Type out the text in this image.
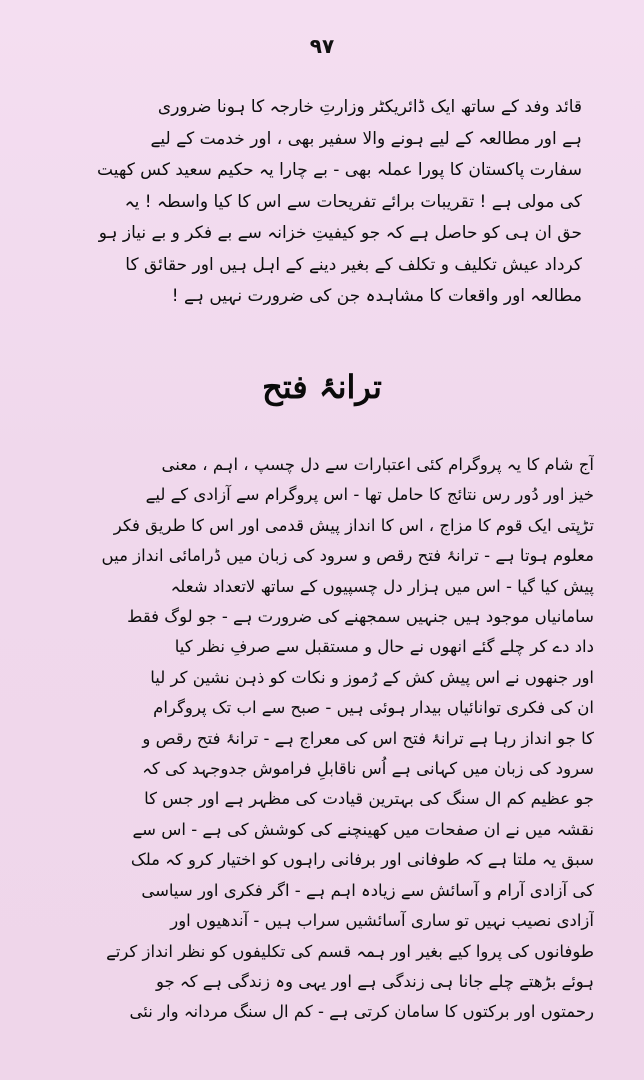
۹۷
قائد وفد کے ساتھ ایک ڈائریکٹر وزارتِ خارجہ کا ہونا ضروری
ہے اور مطالعہ کے لیے ہونے والا سفیر بھی ، اور خدمت کے لیے
سفارت پاکستان کا پورا عملہ بھی - بے چارا یہ حکیم سعید کس کھیت
کی مولی ہے ! تقریبات برائے تفریحات سے اس کا کیا واسطہ ! یہ
حق ان ہی کو حاصل ہے کہ جو کیفیتِ خزانہ سے بے فکر و بے نیاز ہو
کرداد عیش تکلیف و تکلف کے بغیر دینے کے اہل ہیں اور حقائق کا
مطالعہ اور واقعات کا مشاہدہ جن کی ضرورت نہیں ہے !
ترانۂ فتح
آج شام کا یہ پروگرام کئی اعتبارات سے دل چسپ ، اہم ، معنی
خیز اور دُور رس نتائج کا حامل تھا - اس پروگرام سے آزادی کے لیے
تڑپتی ایک قوم کا مزاج ، اس کا انداز پیش قدمی اور اس کا طریق فکر
معلوم ہوتا ہے - ترانۂ فتح رقص و سرود کی زبان میں ڈرامائی انداز میں
پیش کیا گیا - اس میں ہزار دل چسپیوں کے ساتھ لاتعداد شعلہ
سامانیاں موجود ہیں جنہیں سمجھنے کی ضرورت ہے - جو لوگ فقط
داد دے کر چلے گئے انھوں نے حال و مستقبل سے صرفِ نظر کیا
اور جنھوں نے اس پیش کش کے رُموز و نکات کو ذہن نشین کر لیا
ان کی فکری توانائیاں بیدار ہوئی ہیں - صبح سے اب تک پروگرام
کا جو انداز رہا ہے ترانۂ فتح اس کی معراج ہے - ترانۂ فتح رقص و
سرود کی زبان میں کہانی ہے اُس ناقابلِ فراموش جدوجہد کی کہ
جو عظیم کم ال سنگ کی بہترین قیادت کی مظہر ہے اور جس کا
نقشہ میں نے ان صفحات میں کھینچنے کی کوشش کی ہے - اس سے
سبق یہ ملتا ہے کہ طوفانی اور برفانی راہوں کو اختیار کرو کہ ملک
کی آزادی آرام و آسائش سے زیادہ اہم ہے - اگر فکری اور سیاسی
آزادی نصیب نہیں تو ساری آسائشیں سراب ہیں - آندھیوں اور
طوفانوں کی پروا کیے بغیر اور ہمہ قسم کی تکلیفوں کو نظر انداز کرتے
ہوئے بڑھتے چلے جانا ہی زندگی ہے اور یہی وہ زندگی ہے کہ جو
رحمتوں اور برکتوں کا سامان کرتی ہے - کم ال سنگ مردانہ وار نئی
